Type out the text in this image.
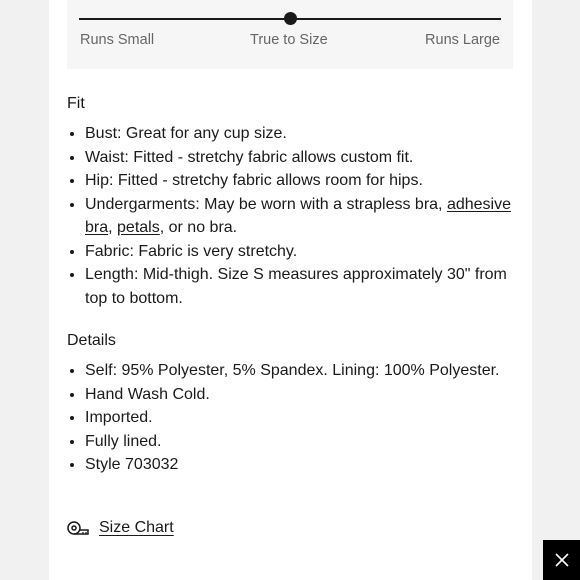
Runs Small	True to Size	Runs Large
Fit
• Bust: Great for any cup size.
• Waist: Fitted - stretchy fabric allows custom fit.
• Hip: Fitted - stretchy fabric allows room for hips.
• Undergarments: May be worn with a strapless bra, adhesive bra, petals, or no bra.
• Fabric: Fabric is very stretchy.
• Length: Mid-thigh. Size S measures approximately 30" from top to bottom.
Details
• Self: 95% Polyester, 5% Spandex. Lining: 100% Polyester.
• Hand Wash Cold.
• Imported.
• Fully lined.
• Style 703032
Size Chart
